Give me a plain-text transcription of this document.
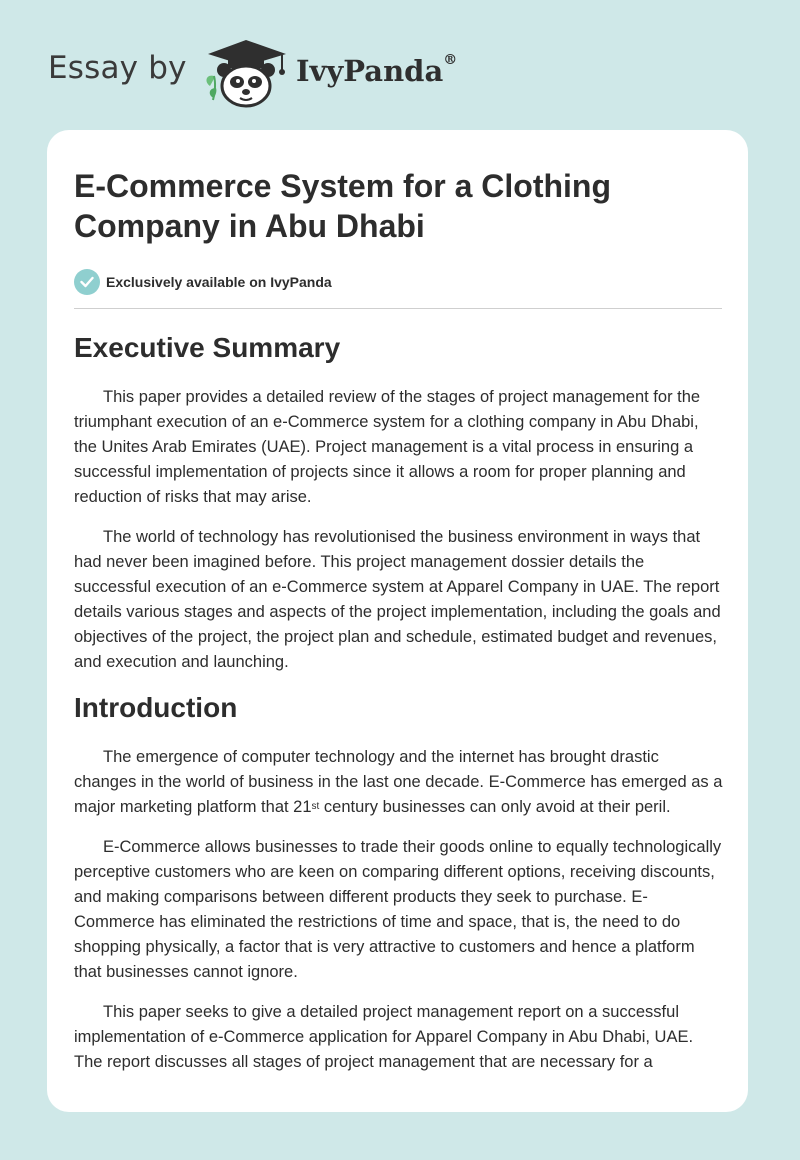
Essay by	IvyPanda®
E-Commerce System for a Clothing
Company in Abu Dhabi
Exclusively available on IvyPanda
Executive Summary

This paper provides a detailed review of the stages of project management for the triumphant execution of an e-Commerce system for a clothing company in Abu Dhabi, the Unites Arab Emirates (UAE). Project management is a vital process in ensuring a successful implementation of projects since it allows a room for proper planning and reduction of risks that may arise.

The world of technology has revolutionised the business environment in ways that had never been imagined before. This project management dossier details the successful execution of an e-Commerce system at Apparel Company in UAE. The report details various stages and aspects of the project implementation, including the goals and objectives of the project, the project plan and schedule, estimated budget and revenues, and execution and launching.

Introduction

The emergence of computer technology and the internet has brought drastic changes in the world of business in the last one decade. E-Commerce has emerged as a major marketing platform that 21st century businesses can only avoid at their peril.

E-Commerce allows businesses to trade their goods online to equally technologically perceptive customers who are keen on comparing different options, receiving discounts, and making comparisons between different products they seek to purchase. E-Commerce has eliminated the restrictions of time and space, that is, the need to do shopping physically, a factor that is very attractive to customers and hence a platform that businesses cannot ignore.

This paper seeks to give a detailed project management report on a successful implementation of e-Commerce application for Apparel Company in Abu Dhabi, UAE. The report discusses all stages of project management that are necessary for a
